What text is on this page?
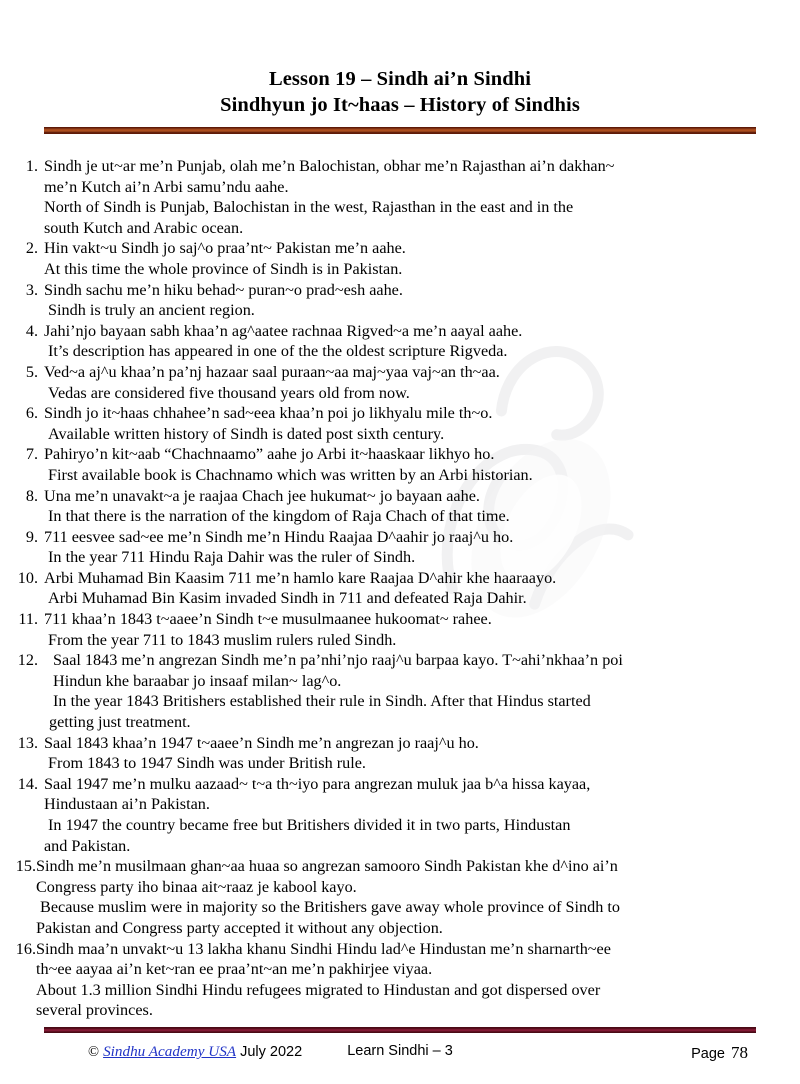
Lesson 19 – Sindh ai’n Sindhi
Sindhyun jo It~haas – History of Sindhis
1. Sindh je ut~ar me’n Punjab, olah me’n Balochistan, obhar me’n Rajasthan ai’n dakhan~
me’n Kutch ai’n Arbi samu’ndu aahe.
North of Sindh is Punjab, Balochistan in the west, Rajasthan in the east and in the
south Kutch and Arabic ocean.
2. Hin vakt~u Sindh jo saj^o praa’nt~ Pakistan me’n aahe.
At this time the whole province of Sindh is in Pakistan.
3. Sindh sachu me’n hiku behad~ puran~o prad~esh aahe.
Sindh is truly an ancient region.
4. Jahi’njo bayaan sabh khaa’n ag^aatee rachnaa Rigved~a me’n aayal aahe.
It’s description has appeared in one of the the oldest scripture Rigveda.
5. Ved~a aj^u khaa’n pa’nj hazaar saal puraan~aa maj~yaa vaj~an th~aa.
Vedas are considered five thousand years old from now.
6. Sindh jo it~haas chhahee’n sad~eea khaa’n poi jo likhyalu mile th~o.
Available written history of Sindh is dated post sixth century.
7. Pahiryo’n kit~aab “Chachnaamo” aahe jo Arbi it~haaskaar likhyo ho.
First available book is Chachnamo which was written by an Arbi historian.
8. Una me’n unavakt~a je raajaa Chach jee hukumat~ jo bayaan aahe.
In that there is the narration of the kingdom of Raja Chach of that time.
9. 711 eesvee sad~ee me’n Sindh me’n Hindu Raajaa D^aahir jo raaj^u ho.
In the year 711 Hindu Raja Dahir was the ruler of Sindh.
10. Arbi Muhamad Bin Kaasim 711 me’n hamlo kare Raajaa D^ahir khe haaraayo.
Arbi Muhamad Bin Kasim invaded Sindh in 711 and defeated Raja Dahir.
11. 711 khaa’n 1843 t~aaee’n Sindh t~e musulmaanee hukoomat~ rahee.
From the year 711 to 1843 muslim rulers ruled Sindh.
12. Saal 1843 me’n angrezan Sindh me’n pa’nhi’njo raaj^u barpaa kayo. T~ahi’nkhaa’n poi
Hindun khe baraabar jo insaaf milan~ lag^o.
In the year 1843 Britishers established their rule in Sindh. After that Hindus started
getting just treatment.
13. Saal 1843 khaa’n 1947 t~aaee’n Sindh me’n angrezan jo raaj^u ho.
From 1843 to 1947 Sindh was under British rule.
14. Saal 1947 me’n mulku aazaad~ t~a th~iyo para angrezan muluk jaa b^a hissa kayaa,
Hindustaan ai’n Pakistan.
In 1947 the country became free but Britishers divided it in two parts, Hindustan
and Pakistan.
15. Sindh me’n musilmaan ghan~aa huaa so angrezan samooro Sindh Pakistan khe d^ino ai’n
Congress party iho binaa ait~raaz je kabool kayo.
Because muslim were in majority so the Britishers gave away whole province of Sindh to
Pakistan and Congress party accepted it without any objection.
16. Sindh maa’n unvakt~u 13 lakha khanu Sindhi Hindu lad^e Hindustan me’n sharnarth~ee
th~ee aayaa ai’n ket~ran ee praa’nt~an me’n pakhirjee viyaa.
About 1.3 million Sindhi Hindu refugees migrated to Hindustan and got dispersed over
several provinces.
© Sindhu Academy USA July 2022	Learn Sindhi – 3	Page 78
